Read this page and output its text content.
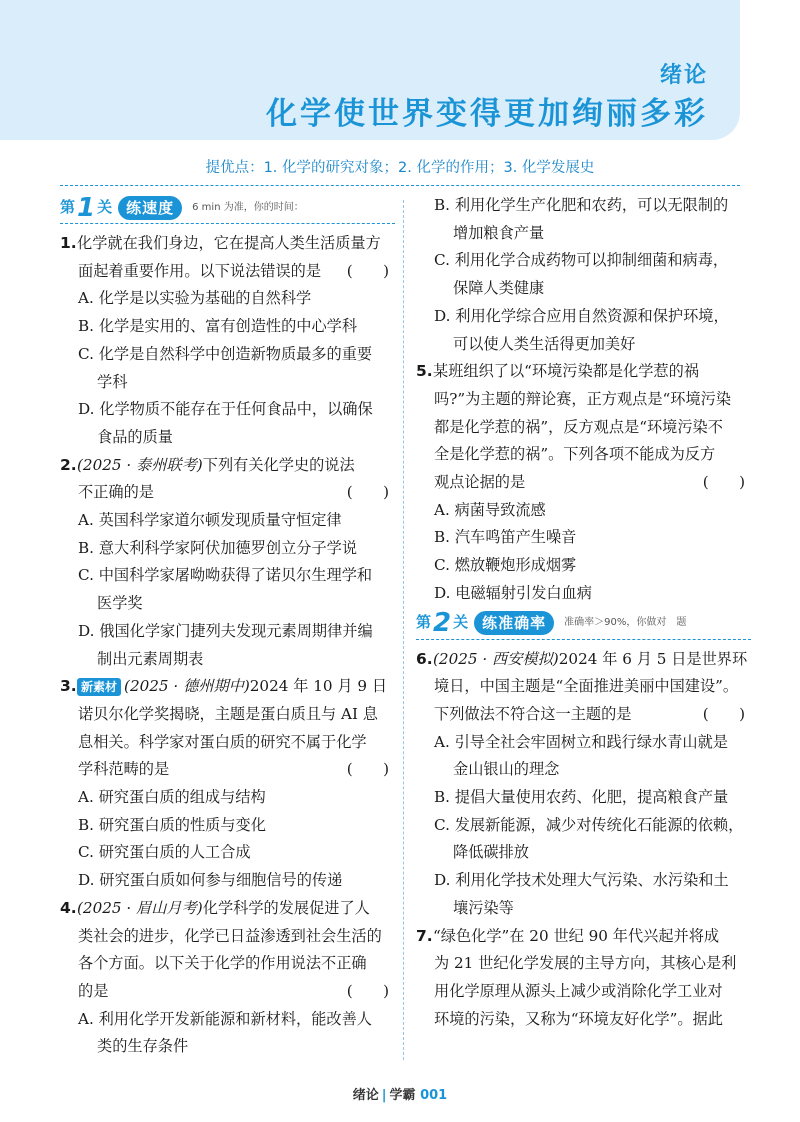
绪论
化学使世界变得更加绚丽多彩
提优点：1. 化学的研究对象；2. 化学的作用；3. 化学发展史
第 1 关 练速度	6 min 为准，你的时间：
1.化学就在我们身边，它在提高人类生活质量方
面起着重要作用。以下说法错误的是 (　　)
A. 化学是以实验为基础的自然科学
B. 化学是实用的、富有创造性的中心学科
C. 化学是自然科学中创造新物质最多的重要
学科
D. 化学物质不能存在于任何食品中，以确保
食品的质量
2.(2025 · 泰州联考)下列有关化学史的说法
不正确的是	(　　)
A. 英国科学家道尔顿发现质量守恒定律
B. 意大利科学家阿伏加德罗创立分子学说
C. 中国科学家屠呦呦获得了诺贝尔生理学和
医学奖
D. 俄国化学家门捷列夫发现元素周期律并编
制出元素周期表
3. 新素材 (2025 · 德州期中)2024 年 10 月 9 日
诺贝尔化学奖揭晓，主题是蛋白质且与 AI 息
息相关。科学家对蛋白质的研究不属于化学
学科范畴的是	(　　)
A. 研究蛋白质的组成与结构
B. 研究蛋白质的性质与变化
C. 研究蛋白质的人工合成
D. 研究蛋白质如何参与细胞信号的传递
4.(2025 · 眉山月考)化学科学的发展促进了人
类社会的进步，化学已日益渗透到社会生活的
各个方面。以下关于化学的作用说法不正确
的是	(　　)
A. 利用化学开发新能源和新材料，能改善人
类的生存条件
B. 利用化学生产化肥和农药，可以无限制的
增加粮食产量
C. 利用化学合成药物可以抑制细菌和病毒，
保障人类健康
D. 利用化学综合应用自然资源和保护环境，
可以使人类生活得更加美好
5.某班组织了以“环境污染都是化学惹的祸
吗?”为主题的辩论赛，正方观点是“环境污染
都是化学惹的祸”，反方观点是“环境污染不
全是化学惹的祸”。下列各项不能成为反方
观点论据的是	(　　)
A. 病菌导致流感
B. 汽车鸣笛产生噪音
C. 燃放鞭炮形成烟雾
D. 电磁辐射引发白血病
第 2 关 练准确率	准确率＞90%，你做对　题
6.(2025 · 西安模拟)2024 年 6 月 5 日是世界环
境日，中国主题是“全面推进美丽中国建设”。
下列做法不符合这一主题的是	(　　)
A. 引导全社会牢固树立和践行绿水青山就是
金山银山的理念
B. 提倡大量使用农药、化肥，提高粮食产量
C. 发展新能源，减少对传统化石能源的依赖，
降低碳排放
D. 利用化学技术处理大气污染、水污染和土
壤污染等
7.“绿色化学”在 20 世纪 90 年代兴起并将成
为 21 世纪化学发展的主导方向，其核心是利
用化学原理从源头上减少或消除化学工业对
环境的污染，又称为“环境友好化学”。据此
绪论 | 学霸 001
